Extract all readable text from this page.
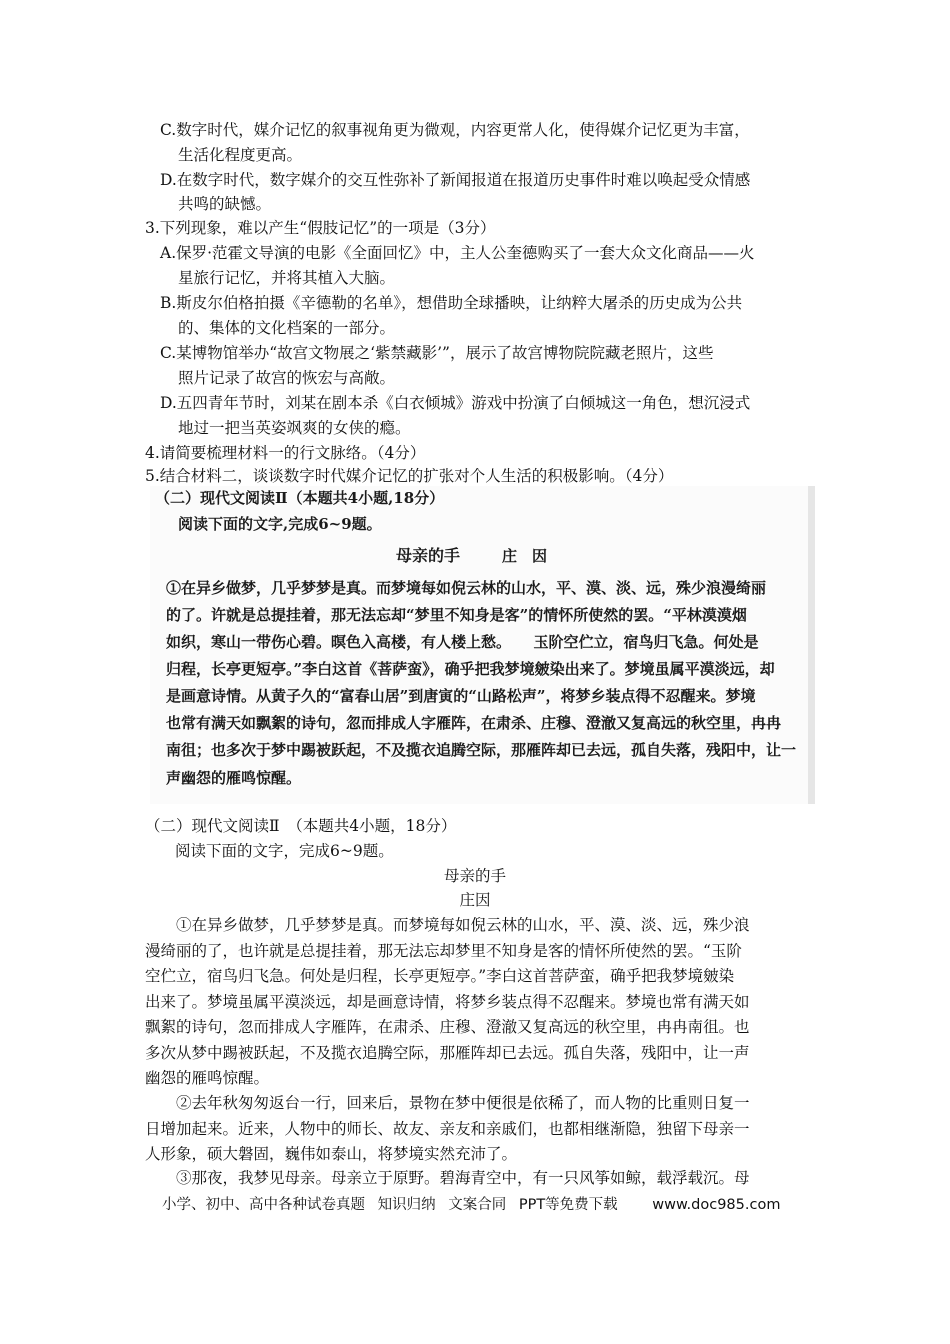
C.数字时代，媒介记忆的叙事视角更为微观，内容更常人化，使得媒介记忆更为丰富，
生活化程度更高。
D.在数字时代，数字媒介的交互性弥补了新闻报道在报道历史事件时难以唤起受众情感
共鸣的缺憾。
3.下列现象，难以产生“假肢记忆”的一项是（3分）
A.保罗·范霍文导演的电影《全面回忆》中，主人公奎德购买了一套大众文化商品——火
星旅行记忆，并将其植入大脑。
B.斯皮尔伯格拍摄《辛德勒的名单》，想借助全球播映，让纳粹大屠杀的历史成为公共
的、集体的文化档案的一部分。
C.某博物馆举办“故宫文物展之‘紫禁藏影’”，展示了故宫博物院院藏老照片，这些
照片记录了故宫的恢宏与高敞。
D.五四青年节时，刘某在剧本杀《白衣倾城》游戏中扮演了白倾城这一角色，想沉浸式
地过一把当英姿飒爽的女侠的瘾。
4.请简要梳理材料一的行文脉络。（4分）
5.结合材料二，谈谈数字时代媒介记忆的扩张对个人生活的积极影响。（4分）
（二）现代文阅读Ⅱ（本题共4小题,18分）
阅读下面的文字,完成6~9题。
母亲的手	庄　因
①在异乡做梦，几乎梦梦是真。而梦境每如倪云林的山水，平、漠、淡、远，殊少浪漫绮丽
的了。许就是总提挂着，那无法忘却“梦里不知身是客”的情怀所使然的罢。“平林漠漠烟
如织，寒山一带伤心碧。暝色入高楼，有人楼上愁。　　玉阶空伫立，宿鸟归飞急。何处是
归程，长亭更短亭。”李白这首《菩萨蛮》，确乎把我梦境皴染出来了。梦境虽属平漠淡远，却
是画意诗情。从黄子久的“富春山居”到唐寅的“山路松声”，将梦乡装点得不忍醒来。梦境
也常有满天如飘絮的诗句，忽而排成人字雁阵，在肃杀、庄穆、澄澈又复高远的秋空里，冉冉
南徂；也多次于梦中踢被跃起，不及揽衣追腾空际，那雁阵却已去远，孤自失落，残阳中，让一
声幽怨的雁鸣惊醒。
（二）现代文阅读Ⅱ　（本题共4小题，18分）
阅读下面的文字，完成6~9题。
母亲的手
庄因
　　①在异乡做梦，几乎梦梦是真。而梦境每如倪云林的山水，平、漠、淡、远，殊少浪
漫绮丽的了，也许就是总提挂着，那无法忘却梦里不知身是客的情怀所使然的罢。“玉阶
空伫立，宿鸟归飞急。何处是归程，长亭更短亭。”李白这首菩萨蛮，确乎把我梦境皴染
出来了。梦境虽属平漠淡远，却是画意诗情，将梦乡装点得不忍醒来。梦境也常有满天如
飘絮的诗句，忽而排成人字雁阵，在肃杀、庄穆、澄澈又复高远的秋空里，冉冉南徂。也
多次从梦中踢被跃起，不及揽衣追腾空际，那雁阵却已去远。孤自失落，残阳中，让一声
幽怨的雁鸣惊醒。
　　②去年秋匆匆返台一行，回来后，景物在梦中便很是依稀了，而人物的比重则日复一
日增加起来。近来，人物中的师长、故友、亲友和亲戚们，也都相继渐隐，独留下母亲一
人形象，硕大磐固，巍伟如泰山，将梦境实然充沛了。
　　③那夜，我梦见母亲。母亲立于原野。碧海青空中，有一只风筝如鲸，载浮载沉。母
小学、初中、高中各种试卷真题 知识归纳 文案合同 PPT等免费下载 www.doc985.com
